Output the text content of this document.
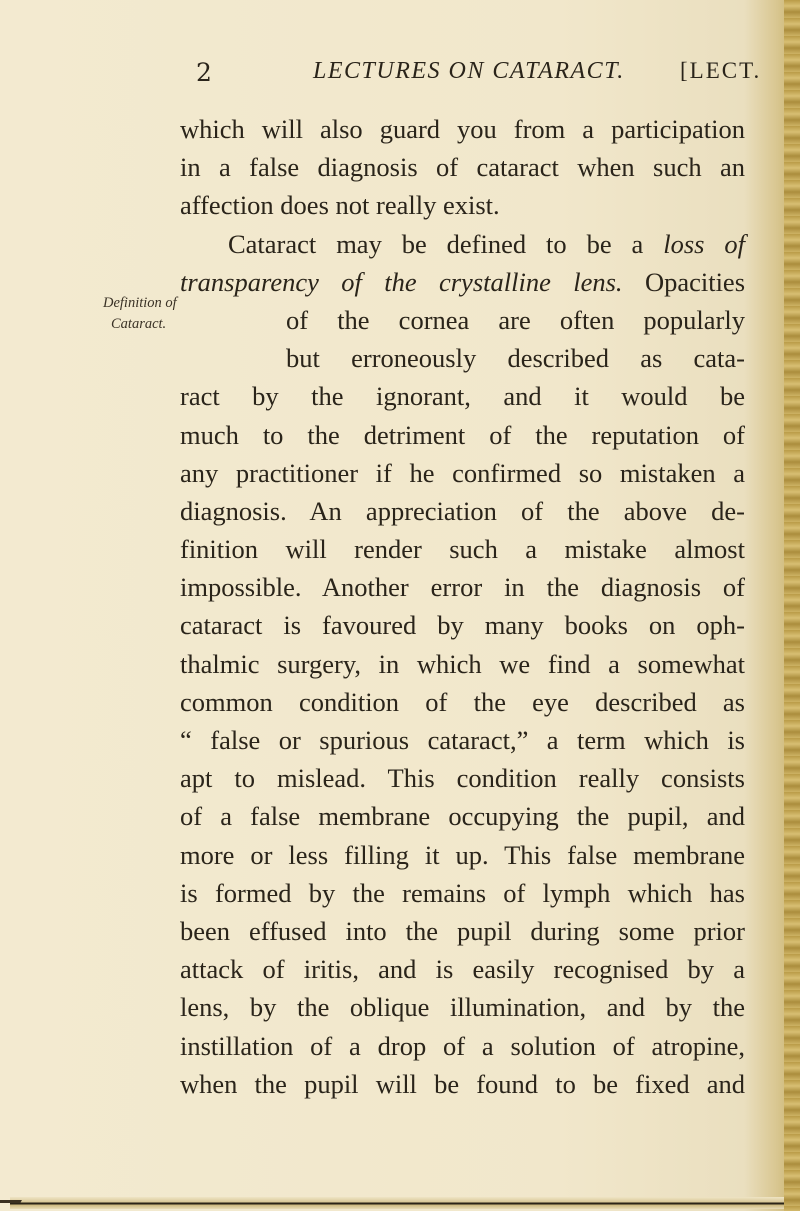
2	LECTURES ON CATARACT. [LECT.
Definition of
Cataract.
which will also guard you from a participation
in a false diagnosis of cataract when such an
affection does not really exist.
Cataract may be defined to be a loss of
transparency of the crystalline lens. Opacities
of the cornea are often popularly
but erroneously described as cata-
ract by the ignorant, and it would be
much to the detriment of the reputation of
any practitioner if he confirmed so mistaken a
diagnosis. An appreciation of the above de-
finition will render such a mistake almost
impossible. Another error in the diagnosis of
cataract is favoured by many books on oph-
thalmic surgery, in which we find a somewhat
common condition of the eye described as
“ false or spurious cataract,” a term which is
apt to mislead. This condition really consists
of a false membrane occupying the pupil, and
more or less filling it up. This false membrane
is formed by the remains of lymph which has
been effused into the pupil during some prior
attack of iritis, and is easily recognised by a
lens, by the oblique illumination, and by the
instillation of a drop of a solution of atropine,
when the pupil will be found to be fixed and
